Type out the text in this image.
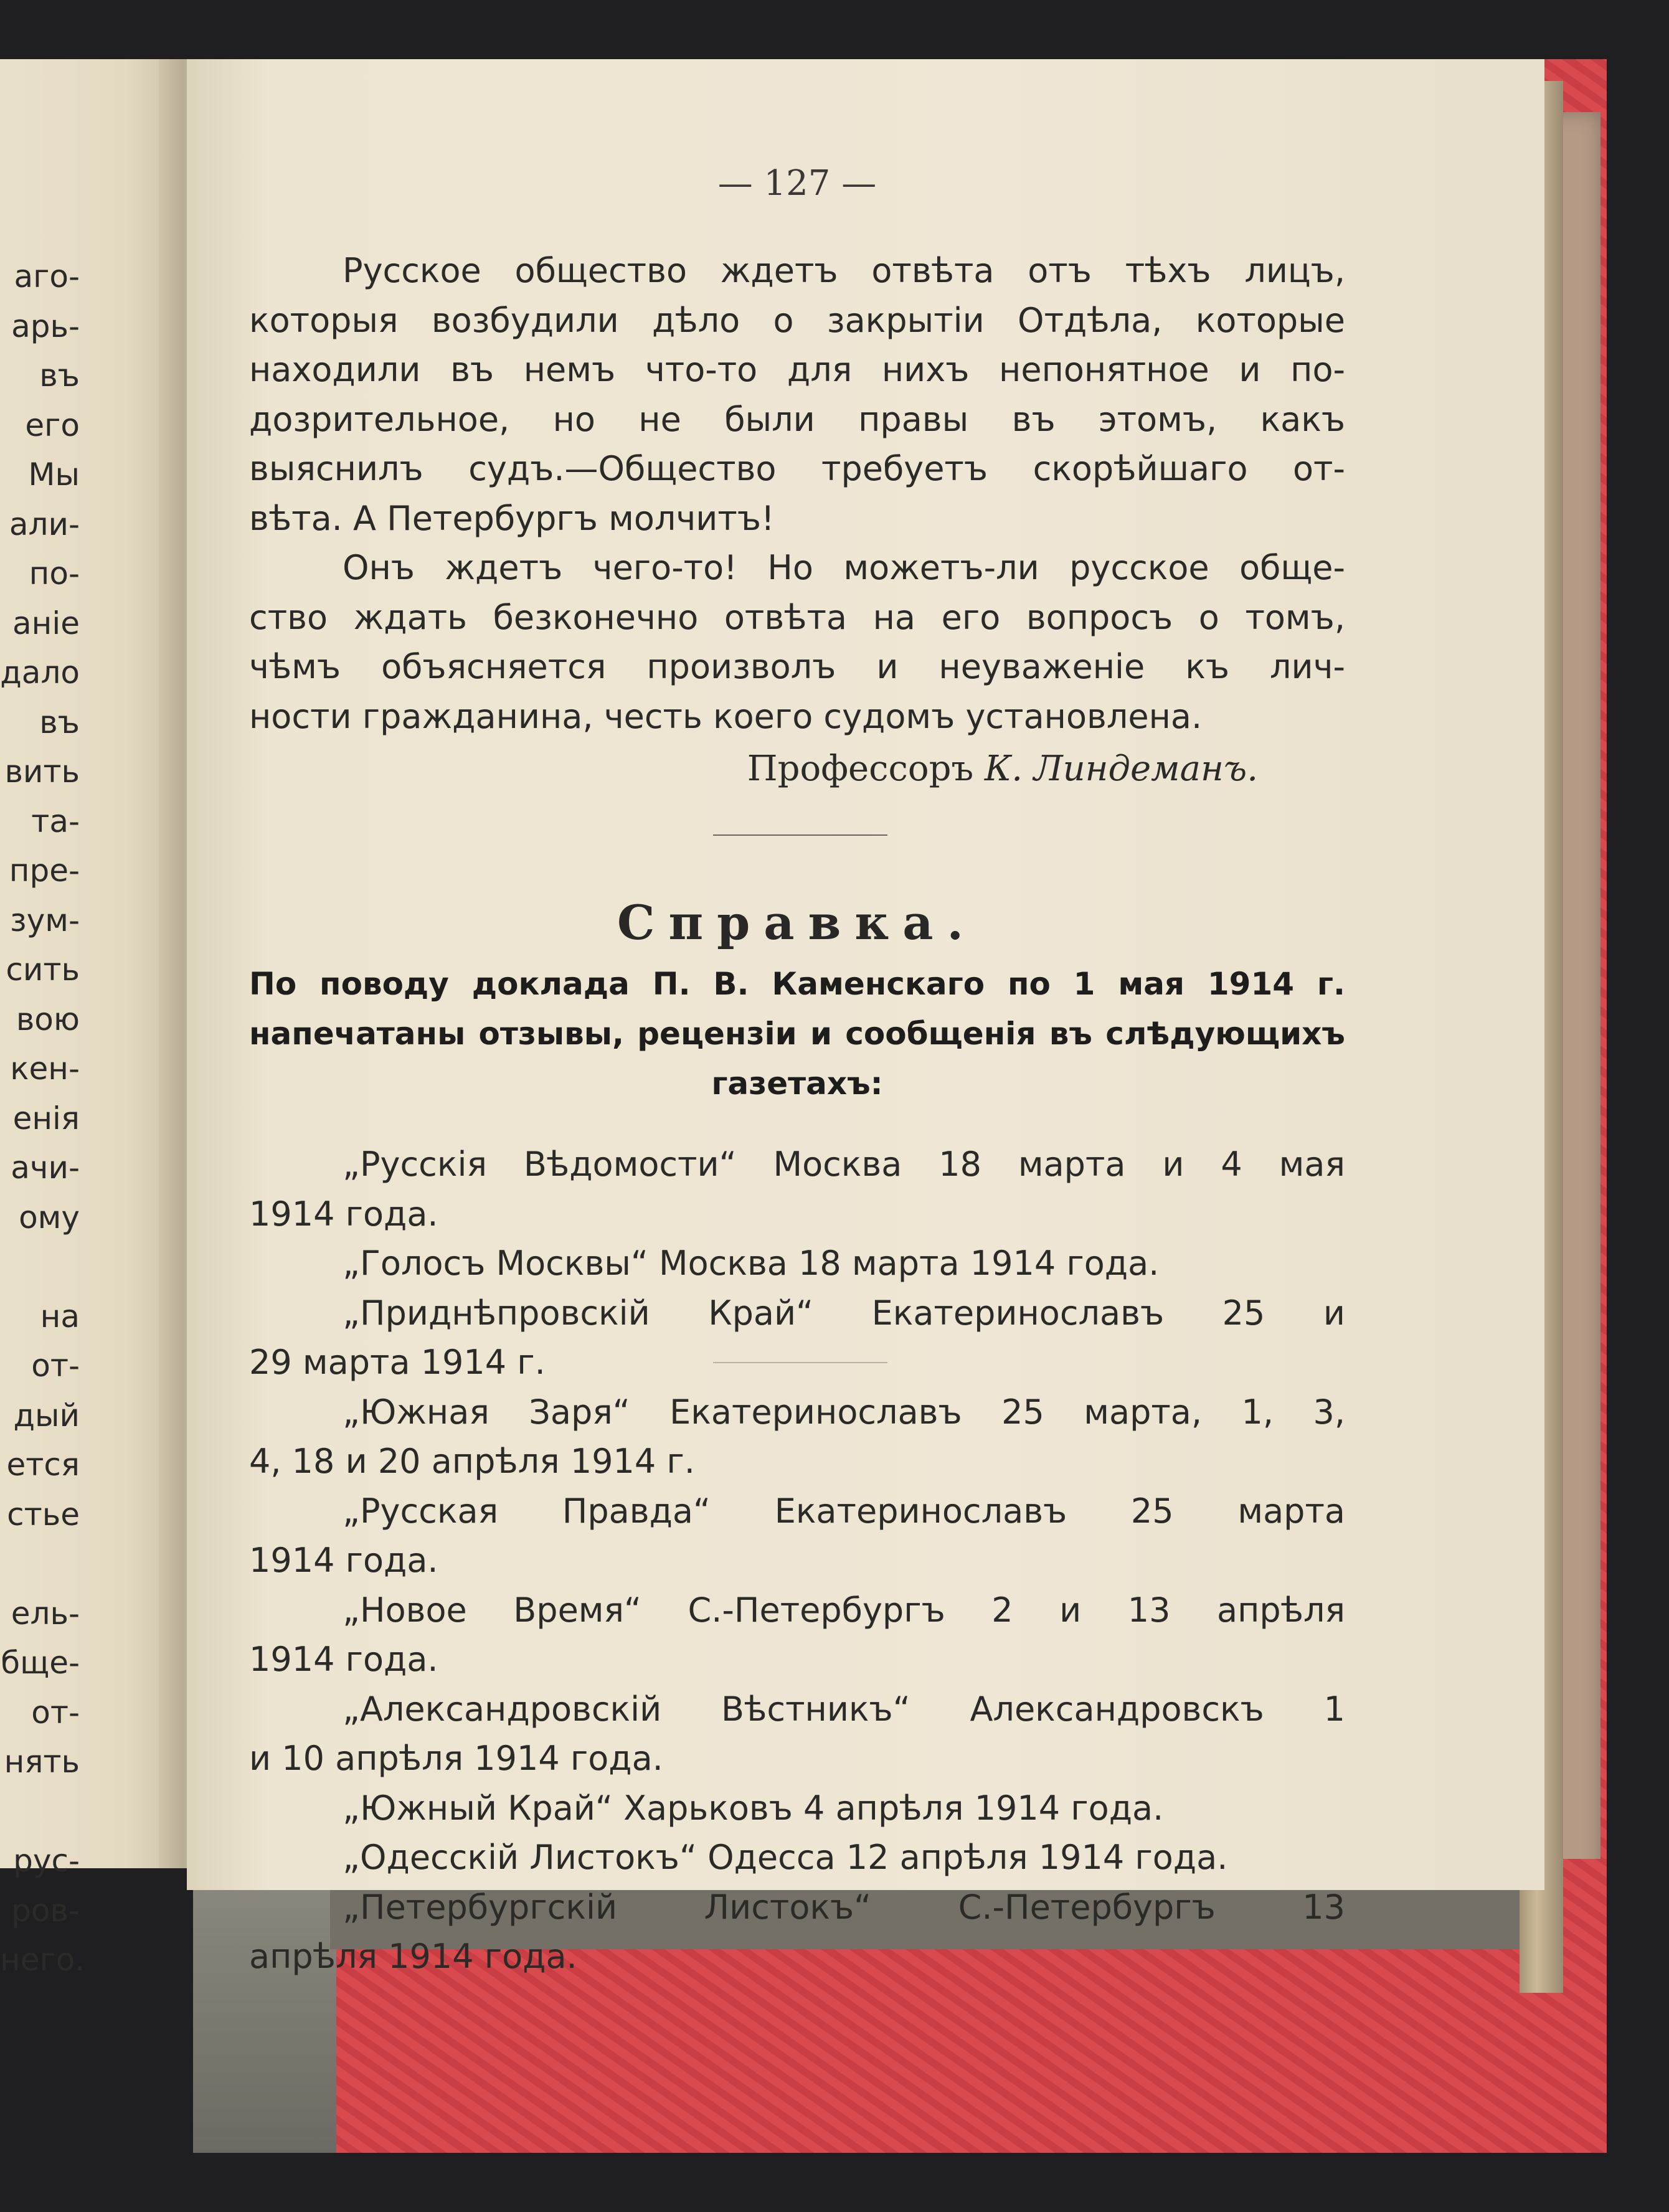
аго-
арь-
въ
его
Мы
али-
по-
аніе
дало
въ
вить
та-
пре-
зум-
сить
вою
кен-
енія
ачи-
ому
на
от-
дый
ется
стье
ель-
бще-
от-
нять
рус-
ров-
него.
— 127 —
Русское общество ждетъ отвѣта отъ тѣхъ лицъ,
которыя возбудили дѣло о закрытіи Отдѣла, которые
находили въ немъ что-то для нихъ непонятное и по-
дозрительное, но не были правы въ этомъ, какъ
выяснилъ судъ.—Общество требуетъ скорѣйшаго от-
вѣта. А Петербургъ молчитъ!
Онъ ждетъ чего-то! Но можетъ-ли русское обще-
ство ждать безконечно отвѣта на его вопросъ о томъ,
чѣмъ объясняется произволъ и неуваженіе къ лич-
ности гражданина, честь коего судомъ установлена.
Профессоръ К. Линдеманъ.
Справка.
По поводу доклада П. В. Каменскаго по 1 мая 1914 г.
напечатаны отзывы, рецензіи и сообщенія въ слѣдующихъ
газетахъ:
„Русскія Вѣдомости“ Москва 18 марта и 4 мая
1914 года.
„Голосъ Москвы“ Москва 18 марта 1914 года.
„Приднѣпровскій Край“ Екатеринославъ 25 и
29 марта 1914 г.
„Южная Заря“ Екатеринославъ 25 марта, 1, 3,
4, 18 и 20 апрѣля 1914 г.
„Русская Правда“ Екатеринославъ 25 марта
1914 года.
„Новое Время“ С.-Петербургъ 2 и 13 апрѣля
1914 года.
„Александровскій Вѣстникъ“ Александровскъ 1
и 10 апрѣля 1914 года.
„Южный Край“ Харьковъ 4 апрѣля 1914 года.
„Одесскій Листокъ“ Одесса 12 апрѣля 1914 года.
„Петербургскій Листокъ“ С.-Петербургъ 13
апрѣля 1914 года.
